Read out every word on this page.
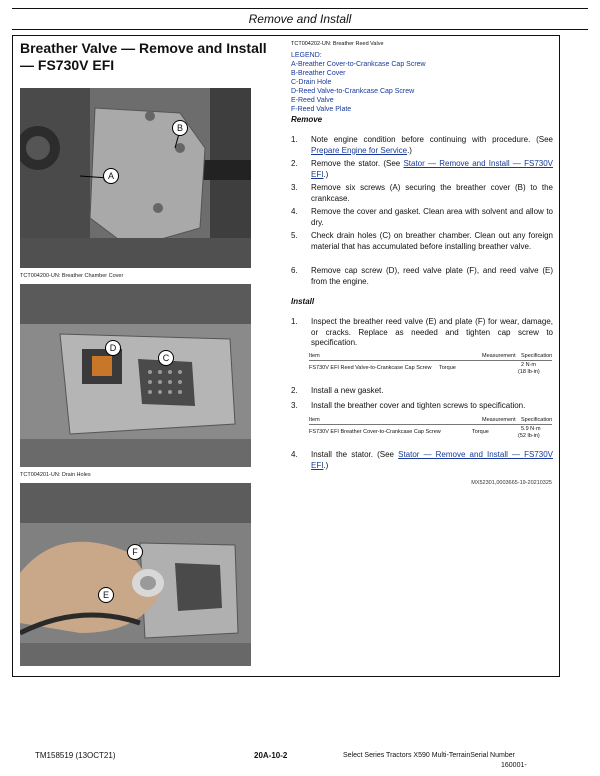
Remove and Install
Breather Valve — Remove and Install — FS730V EFI
B
A
TCT004200-UN: Breather Chamber Cover
D
C
TCT004201-UN: Drain Holes
F
E
TCT004202-UN: Breather Reed Valve
LEGEND:
A-Breather Cover-to-Crankcase Cap Screw
B-Breather Cover
C-Drain Hole
D-Reed Valve-to-Crankcase Cap Screw
E-Reed Valve
F-Reed Valve Plate
Remove
1.	Note engine condition before continuing with procedure. (See Prepare Engine for Service.)
2.	Remove the stator. (See Stator — Remove and Install — FS730V EFI.)
3.	Remove six screws (A) securing the breather cover (B) to the crankcase.
4.	Remove the cover and gasket. Clean area with solvent and allow to dry.
5.	Check drain holes (C) on breather chamber. Clean out any foreign material that has accumulated before installing breather valve.
6.	Remove cap screw (D), reed valve plate (F), and reed valve (E) from the engine.
Install
1.	Inspect the breather reed valve (E) and plate (F) for wear, damage, or cracks. Replace as needed and tighten cap screw to specification.
Item	Measurement Specification
FS730V EFI Reed Valve-to-Crankcase Cap Screw Torque	2 N·m
(18 lb-in)
2.	Install a new gasket.
3.	Install the breather cover and tighten screws to specification.
Item	Measurement Specification
FS730V EFI Breather Cover-to-Crankcase Cap Screw	Torque	5.9 N·m
(52 lb-in)
4.	Install the stator. (See Stator — Remove and Install — FS730V EFI.)
MX52301,0003665-19-20210325
TM158519 (13OCT21)	20A-10-2	Select Series Tractors X590 Multi-TerrainSerial Number
160001-
